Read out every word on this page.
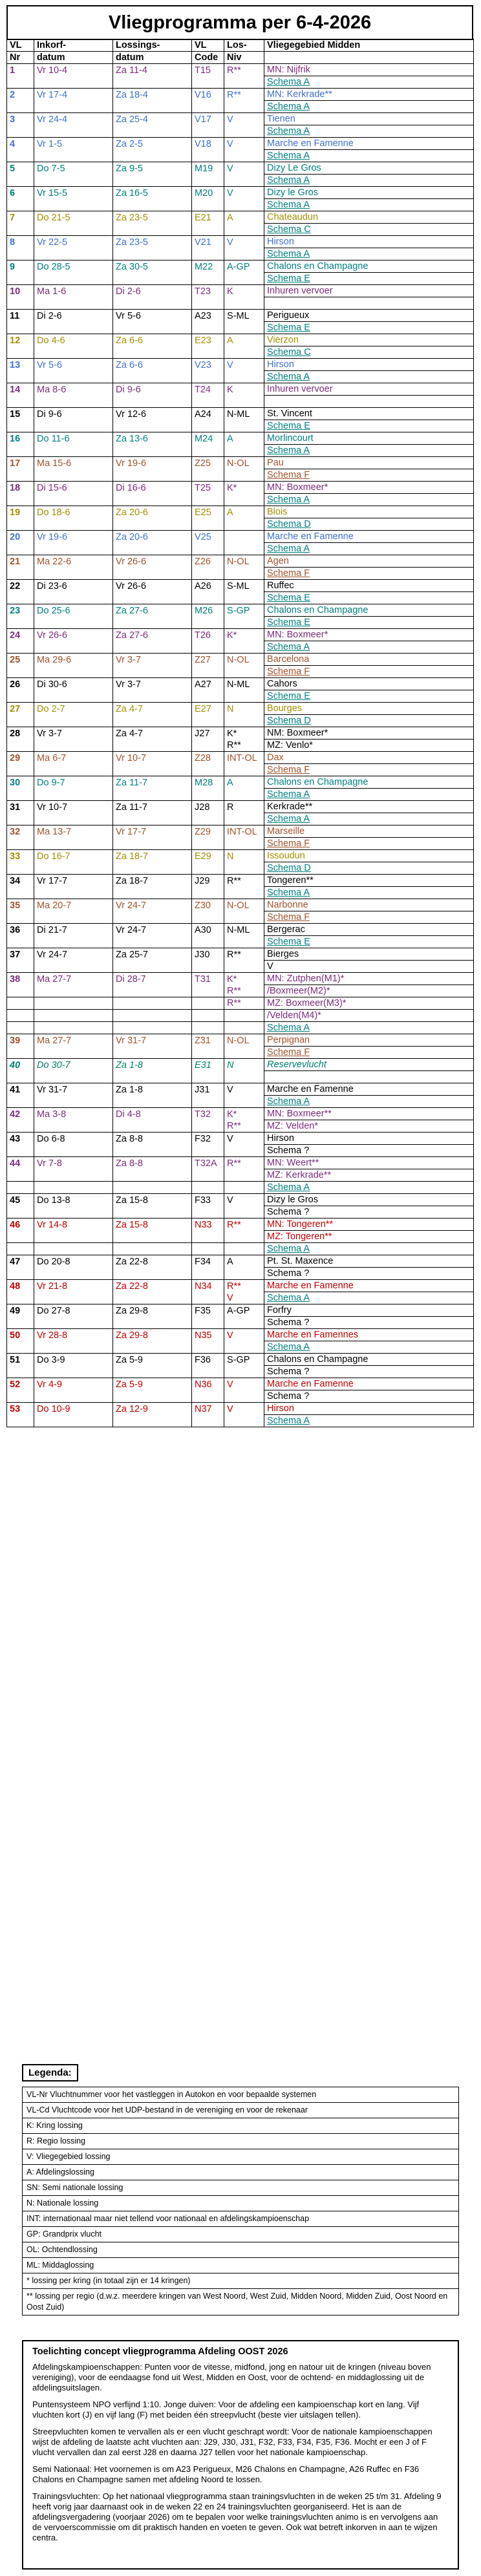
Vliegprogramma per 6-4-2026
VL	Inkorf-	Lossings-	VL	Los-	Vliegegebied Midden
Nr	datum	datum	Code	Niv	
1	Vr 10-4	Za 11-4	T15	R**	MN: Nijfrik
					Schema A
2	Vr 17-4	Za 18-4	V16	R**	MN: Kerkrade**
					Schema A
3	Vr 24-4	Za 25-4	V17	V	Tienen
					Schema A
4	Vr 1-5	Za 2-5	V18	V	Marche en Famenne
					Schema A
5	Do 7-5	Za 9-5	M19	V	Dizy Le Gros
					Schema A
6	Vr 15-5	Za 16-5	M20	V	Dizy le Gros
					Schema A
7	Do 21-5	Za 23-5	E21	A	Chateaudun
					Schema C
8	Vr 22-5	Za 23-5	V21	V	Hirson
					Schema A
9	Do 28-5	Za 30-5	M22	A-GP	Chalons en Champagne
					Schema E
10	Ma 1-6	Di 2-6	T23	K	Inhuren vervoer

11	Di 2-6	Vr 5-6	A23	S-ML	Perigueux
					Schema E
12	Do 4-6	Za 6-6	E23	A	Vierzon
					Schema C
13	Vr 5-6	Za 6-6	V23	V	Hirson
					Schema A
14	Ma 8-6	Di 9-6	T24	K	Inhuren vervoer

15	Di 9-6	Vr 12-6	A24	N-ML	St. Vincent
					Schema E
16	Do 11-6	Za 13-6	M24	A	Morlincourt
					Schema A
17	Ma 15-6	Vr 19-6	Z25	N-OL	Pau
					Schema F
18	Di 15-6	Di 16-6	T25	K*	MN: Boxmeer*
					Schema A
19	Do 18-6	Za 20-6	E25	A	Blois
					Schema D
20	Vr 19-6	Za 20-6	V25		Marche en Famenne
					Schema A
21	Ma 22-6	Vr 26-6	Z26	N-OL	Agen
					Schema F
22	Di 23-6	Vr 26-6	A26	S-ML	Ruffec
					Schema E
23	Do 25-6	Za 27-6	M26	S-GP	Chalons en Champagne
					Schema E
24	Vr 26-6	Za 27-6	T26	K*	MN: Boxmeer*
					Schema A
25	Ma 29-6	Vr 3-7	Z27	N-OL	Barcelona
					Schema F
26	Di 30-6	Vr 3-7	A27	N-ML	Cahors
					Schema E
27	Do 2-7	Za 4-7	E27	N	Bourges
					Schema D
28	Vr 3-7	Za 4-7	J27	K*	NM: Boxmeer*
				R**	MZ: Venlo*
29	Ma 6-7	Vr 10-7	Z28	INT-OL	Dax
					Schema F
30	Do 9-7	Za 11-7	M28	A	Chalons en Champagne
					Schema A
31	Vr 10-7	Za 11-7	J28	R	Kerkrade**
					Schema A
32	Ma 13-7	Vr 17-7	Z29	INT-OL	Marseille
					Schema F
33	Do 16-7	Za 18-7	E29	N	Issoudun
					Schema D
34	Vr 17-7	Za 18-7	J29	R**	Tongeren**
					Schema A
35	Ma 20-7	Vr 24-7	Z30	N-OL	Narbonne
					Schema F
36	Di 21-7	Vr 24-7	A30	N-ML	Bergerac
					Schema E
37	Vr 24-7	Za 25-7	J30	R**	Bierges
					V
38	Ma 27-7	Di 28-7	T31	K*	MN: Zutphen(M1)*
				R**	/Boxmeer(M2)*
				R**	MZ: Boxmeer(M3)*
					/Velden(M4)*
					Schema A
39	Ma 27-7	Vr 31-7	Z31	N-OL	Perpignan
					Schema F
40	Do 30-7	Za 1-8	E31	N	Reservevlucht

41	Vr 31-7	Za 1-8	J31	V	Marche en Famenne
					Schema A
42	Ma 3-8	Di 4-8	T32	K*	MN: Boxmeer**
				R**	MZ: Velden*
43	Do 6-8	Za 8-8	F32	V	Hirson
					Schema ?
44	Vr 7-8	Za 8-8	T32A	R**	MN: Weert**
					MZ: Kerkrade**
					Schema A
45	Do 13-8	Za 15-8	F33	V	Dizy le Gros
					Schema ?
46	Vr 14-8	Za 15-8	N33	R**	MN: Tongeren**
					MZ: Tongeren**
					Schema A
47	Do 20-8	Za 22-8	F34	A	Pt. St. Maxence
					Schema ?
48	Vr 21-8	Za 22-8	N34	R**	Marche en Famenne
				V	Schema A
49	Do 27-8	Za 29-8	F35	A-GP	Forfry
					Schema ?
50	Vr 28-8	Za 29-8	N35	V	Marche en Famennes
					Schema A
51	Do 3-9	Za 5-9	F36	S-GP	Chalons en Champagne
					Schema ?
52	Vr 4-9	Za 5-9	N36	V	Marche en Famenne
					Schema ?
53	Do 10-9	Za 12-9	N37	V	Hirson
					Schema A
Legenda:
VL-Nr Vluchtnummer voor het vastleggen in Autokon en voor bepaalde systemen
VL-Cd Vluchtcode voor het UDP-bestand in de vereniging en voor de rekenaar
K: Kring lossing
R: Regio lossing
V: Vliegegebied lossing
A: Afdelingslossing
SN: Semi nationale lossing
N: Nationale lossing
INT: internationaal maar niet tellend voor nationaal en afdelingskampioenschap
GP: Grandprix vlucht
OL: Ochtendlossing
ML: Middaglossing
* lossing per kring (in totaal zijn er 14 kringen)
** lossing per regio (d.w.z. meerdere kringen van West Noord, West Zuid, Midden Noord, Midden Zuid, Oost Noord en Oost Zuid)
Toelichting concept vliegprogramma Afdeling OOST 2026

Afdelingskampioenschappen: Punten voor de vitesse, midfond, jong en natour uit de kringen (niveau boven vereniging), voor de eendaagse fond uit West, Midden en Oost, voor de ochtend- en middaglossing uit de afdelingsuitslagen.

Puntensysteem NPO verfijnd 1:10. Jonge duiven: Voor de afdeling een kampioenschap kort en lang. Vijf vluchten kort (J) en vijf lang (F) met beiden één streepvlucht (beste vier uitslagen tellen).

Streepvluchten komen te vervallen als er een vlucht geschrapt wordt: Voor de nationale kampioenschappen wijst de afdeling de laatste acht vluchten aan: J29, J30, J31, F32, F33, F34, F35, F36. Mocht er een J of F vlucht vervallen dan zal eerst J28 en daarna J27 tellen voor het nationale kampioenschap.

Semi Nationaal: Het voornemen is om A23 Perigueux, M26 Chalons en Champagne, A26 Ruffec en F36 Chalons en Champagne samen met afdeling Noord te lossen.

Trainingsvluchten: Op het nationaal vliegprogramma staan trainingsvluchten in de weken 25 t/m 31. Afdeling 9 heeft vorig jaar daarnaast ook in de weken 22 en 24 trainingsvluchten georganiseerd. Het is aan de afdelingsvergadering (voorjaar 2026) om te bepalen voor welke trainingsvluchten animo is en vervolgens aan de vervoerscommissie om dit praktisch handen en voeten te geven. Ook wat betreft inkorven in aan te wijzen centra.
